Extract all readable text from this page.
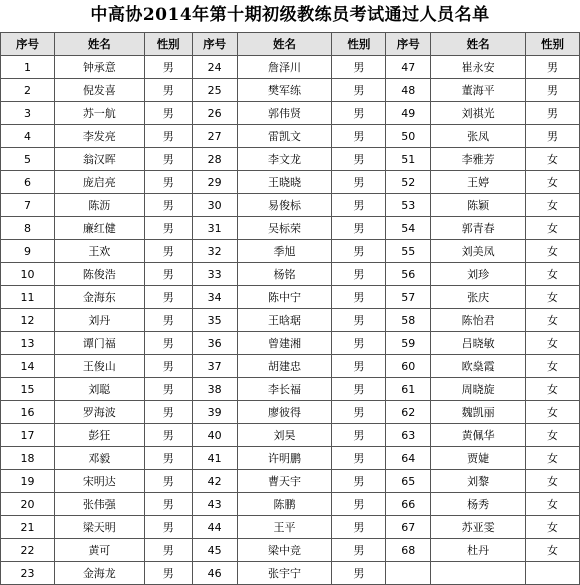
中高协2014年第十期初级教练员考试通过人员名单
序号	姓名	性别	序号	姓名	性别	序号	姓名	性别
1	钟承意	男	24	詹泽川	男	47	崔永安	男
2	倪发喜	男	25	樊军练	男	48	董海平	男
3	苏一航	男	26	郭伟贤	男	49	刘祺光	男
4	李发亮	男	27	雷凯文	男	50	张凤	男
5	翁汉晖	男	28	李文龙	男	51	李雅芳	女
6	庞启亮	男	29	王晓晓	男	52	王婷	女
7	陈沥	男	30	易俊标	男	53	陈颖	女
8	廉红健	男	31	吴标荣	男	54	郭青春	女
9	王欢	男	32	季旭	男	55	刘美凤	女
10	陈俊浩	男	33	杨铭	男	56	刘珍	女
11	金海东	男	34	陈中宁	男	57	张庆	女
12	刘丹	男	35	王晗琚	男	58	陈怡君	女
13	谭门福	男	36	曾建湘	男	59	吕晓敏	女
14	王俊山	男	37	胡建忠	男	60	欧燊霞	女
15	刘聪	男	38	李长福	男	61	周晓旋	女
16	罗海波	男	39	廖彼得	男	62	魏凯丽	女
17	彭狂	男	40	刘昊	男	63	黄佩华	女
18	邓毅	男	41	许明鹏	男	64	贾婕	女
19	宋明达	男	42	曹天宇	男	65	刘黎	女
20	张伟强	男	43	陈鹏	男	66	杨秀	女
21	梁天明	男	44	王平	男	67	苏亚雯	女
22	黄可	男	45	梁中竞	男	68	杜丹	女
23	金海龙	男	46	张宇宁	男			
